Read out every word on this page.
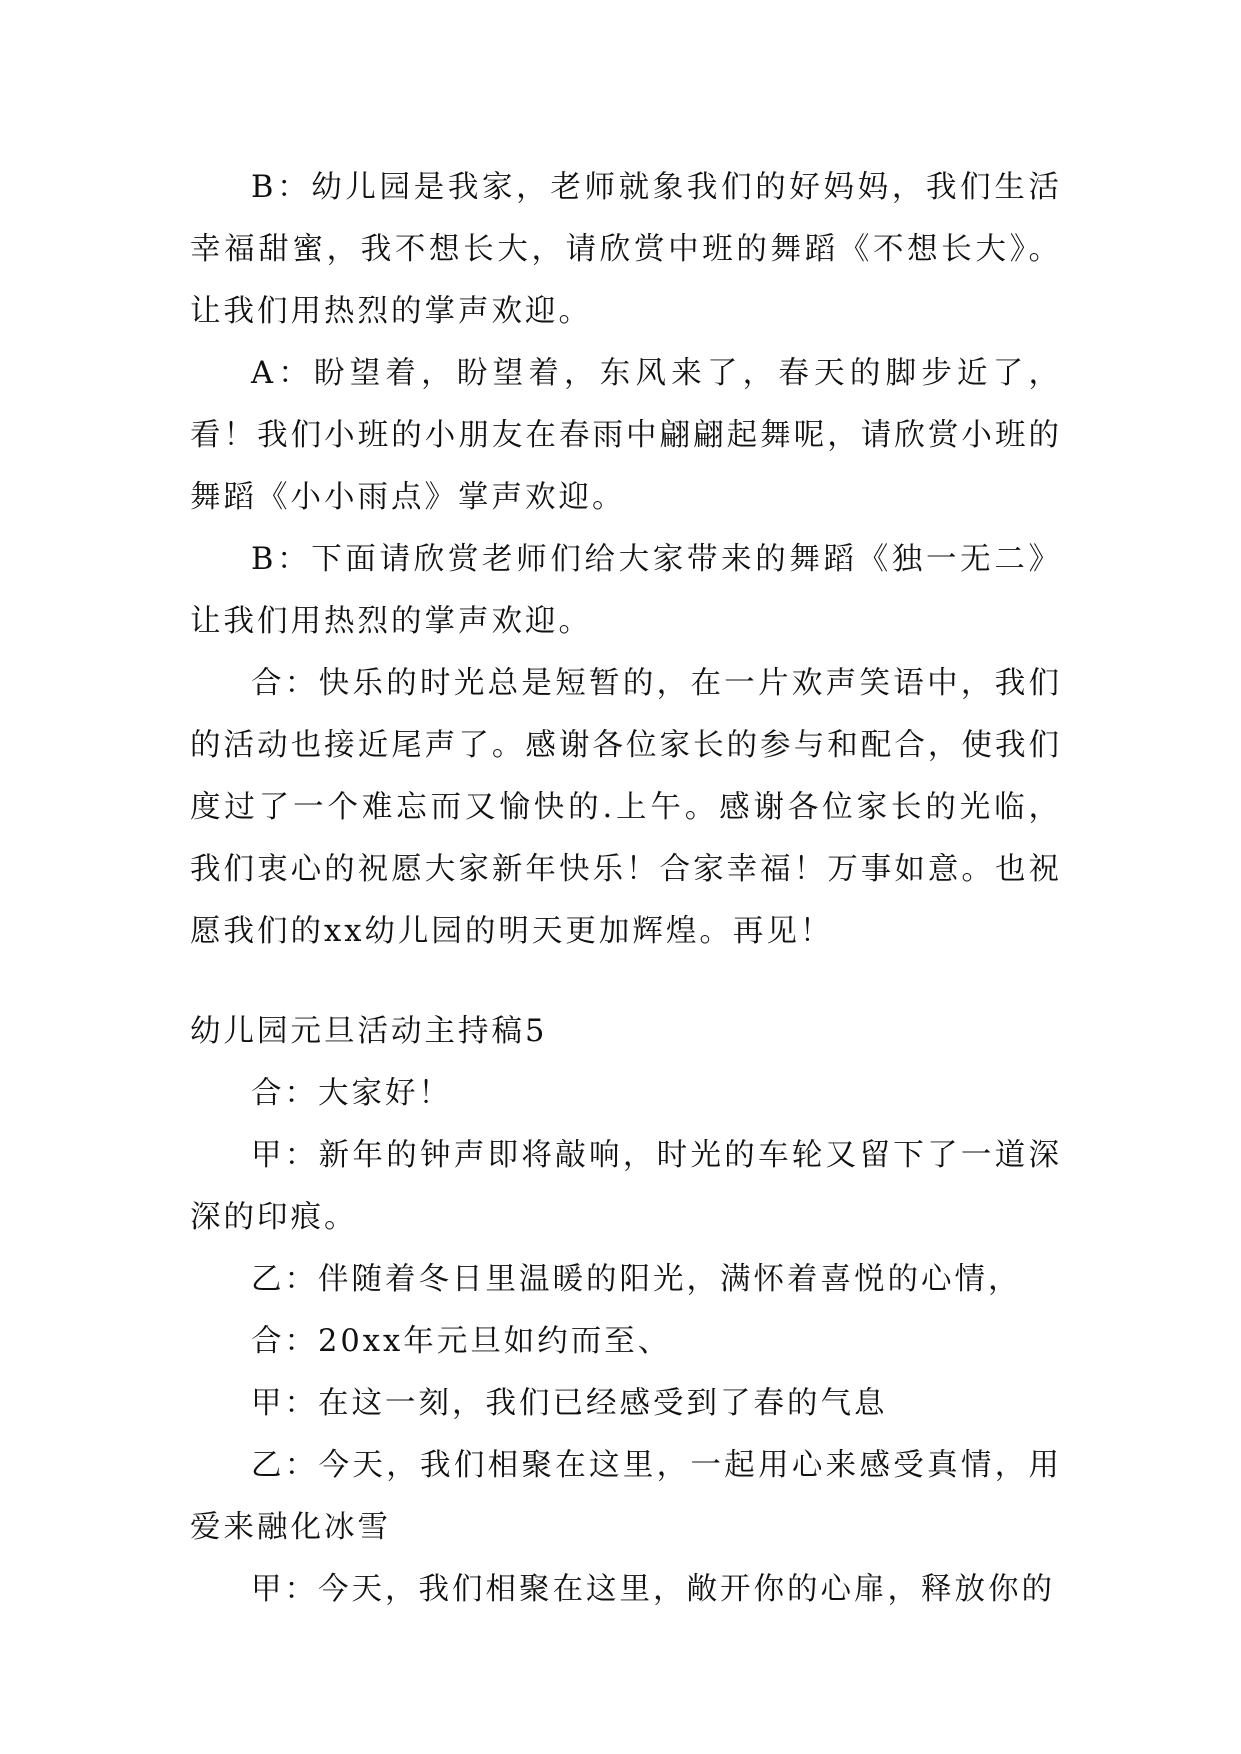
B：幼儿园是我家，老师就象我们的好妈妈，我们生活幸福甜蜜，我不想长大，请欣赏中班的舞蹈《不想长大》。让我们用热烈的掌声欢迎。

A：盼望着，盼望着，东风来了，春天的脚步近了，看！我们小班的小朋友在春雨中翩翩起舞呢，请欣赏小班的舞蹈《小小雨点》掌声欢迎。

B：下面请欣赏老师们给大家带来的舞蹈《独一无二》让我们用热烈的掌声欢迎。

合：快乐的时光总是短暂的，在一片欢声笑语中，我们的活动也接近尾声了。感谢各位家长的参与和配合，使我们度过了一个难忘而又愉快的.上午。感谢各位家长的光临，我们衷心的祝愿大家新年快乐！合家幸福！万事如意。也祝愿我们的xx幼儿园的明天更加辉煌。再见！

幼儿园元旦活动主持稿5

合：大家好！

甲：新年的钟声即将敲响，时光的车轮又留下了一道深深的印痕。

乙：伴随着冬日里温暖的阳光，满怀着喜悦的心情，

合：20xx年元旦如约而至、

甲：在这一刻，我们已经感受到了春的气息

乙：今天，我们相聚在这里，一起用心来感受真情，用爱来融化冰雪

甲：今天，我们相聚在这里，敞开你的心扉，释放你的
